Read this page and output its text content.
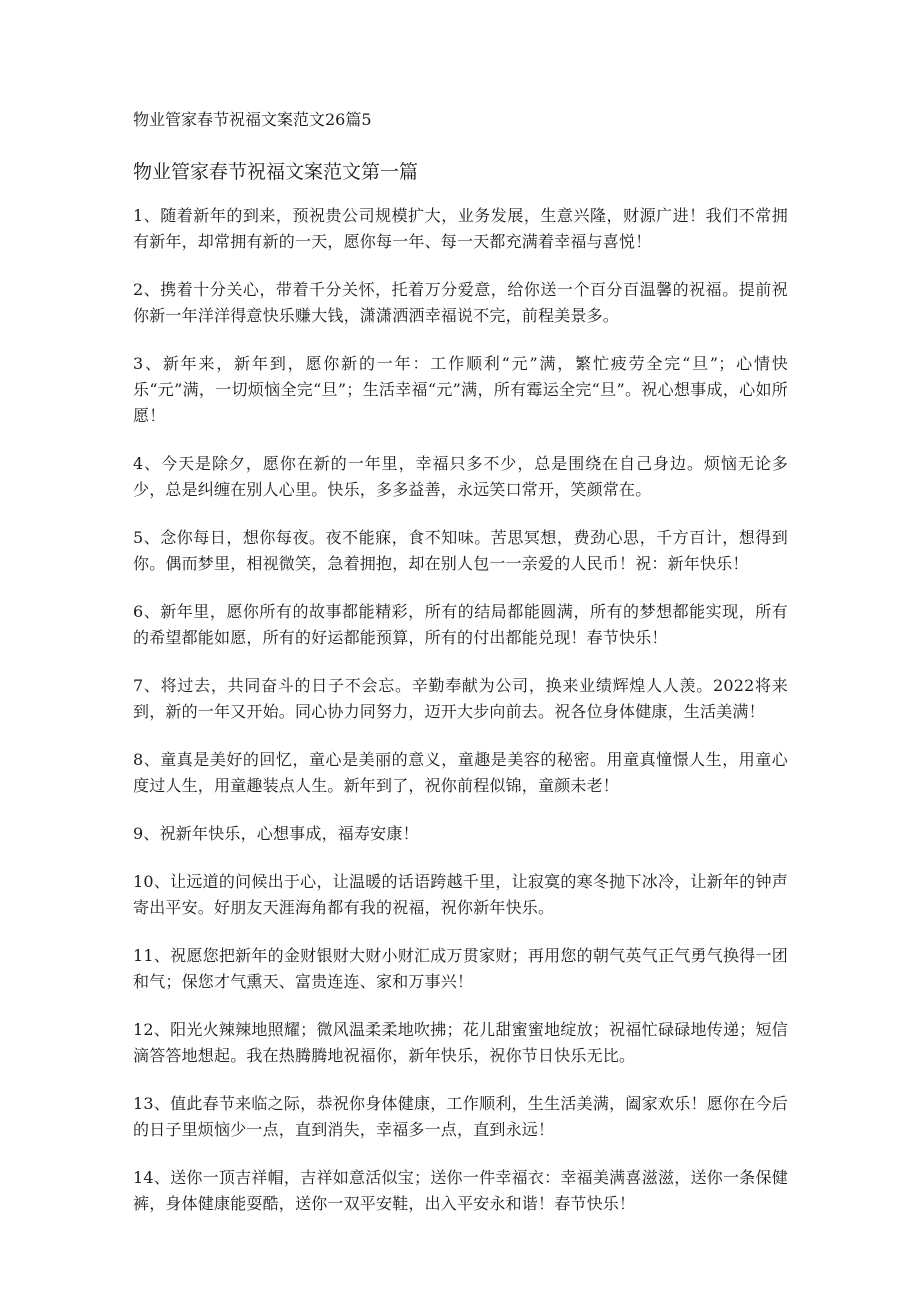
物业管家春节祝福文案范文26篇5
物业管家春节祝福文案范文第一篇

1、随着新年的到来，预祝贵公司规模扩大，业务发展，生意兴隆，财源广进！我们不常拥有新年，却常拥有新的一天，愿你每一年、每一天都充满着幸福与喜悦！

2、携着十分关心，带着千分关怀，托着万分爱意，给你送一个百分百温馨的祝福。提前祝你新一年洋洋得意快乐赚大钱，潇潇洒洒幸福说不完，前程美景多。

3、新年来，新年到，愿你新的一年：工作顺利“元”满，繁忙疲劳全完“旦”；心情快乐“元”满，一切烦恼全完“旦”；生活幸福“元”满，所有霉运全完“旦”。祝心想事成，心如所愿！

4、今天是除夕，愿你在新的一年里，幸福只多不少，总是围绕在自己身边。烦恼无论多少，总是纠缠在别人心里。快乐，多多益善，永远笑口常开，笑颜常在。

5、念你每日，想你每夜。夜不能寐，食不知味。苦思冥想，费劲心思，千方百计，想得到你。偶而梦里，相视微笑，急着拥抱，却在别人包一一亲爱的人民币！祝：新年快乐！

6、新年里，愿你所有的故事都能精彩，所有的结局都能圆满，所有的梦想都能实现，所有的希望都能如愿，所有的好运都能预算，所有的付出都能兑现！春节快乐！

7、将过去，共同奋斗的日子不会忘。辛勤奉献为公司，换来业绩辉煌人人羡。2022将来到，新的一年又开始。同心协力同努力，迈开大步向前去。祝各位身体健康，生活美满！

8、童真是美好的回忆，童心是美丽的意义，童趣是美容的秘密。用童真憧憬人生，用童心度过人生，用童趣装点人生。新年到了，祝你前程似锦，童颜未老！

9、祝新年快乐，心想事成，福寿安康！

10、让远道的问候出于心，让温暖的话语跨越千里，让寂寞的寒冬抛下冰冷，让新年的钟声寄出平安。好朋友天涯海角都有我的祝福，祝你新年快乐。

11、祝愿您把新年的金财银财大财小财汇成万贯家财；再用您的朝气英气正气勇气换得一团和气；保您才气熏天、富贵连连、家和万事兴！

12、阳光火辣辣地照耀；微风温柔柔地吹拂；花儿甜蜜蜜地绽放；祝福忙碌碌地传递；短信滴答答地想起。我在热腾腾地祝福你，新年快乐，祝你节日快乐无比。

13、值此春节来临之际，恭祝你身体健康，工作顺利，生生活美满，阖家欢乐！愿你在今后的日子里烦恼少一点，直到消失，幸福多一点，直到永远！

14、送你一顶吉祥帽，吉祥如意活似宝；送你一件幸福衣：幸福美满喜滋滋，送你一条保健裤，身体健康能耍酷，送你一双平安鞋，出入平安永和谐！春节快乐！
